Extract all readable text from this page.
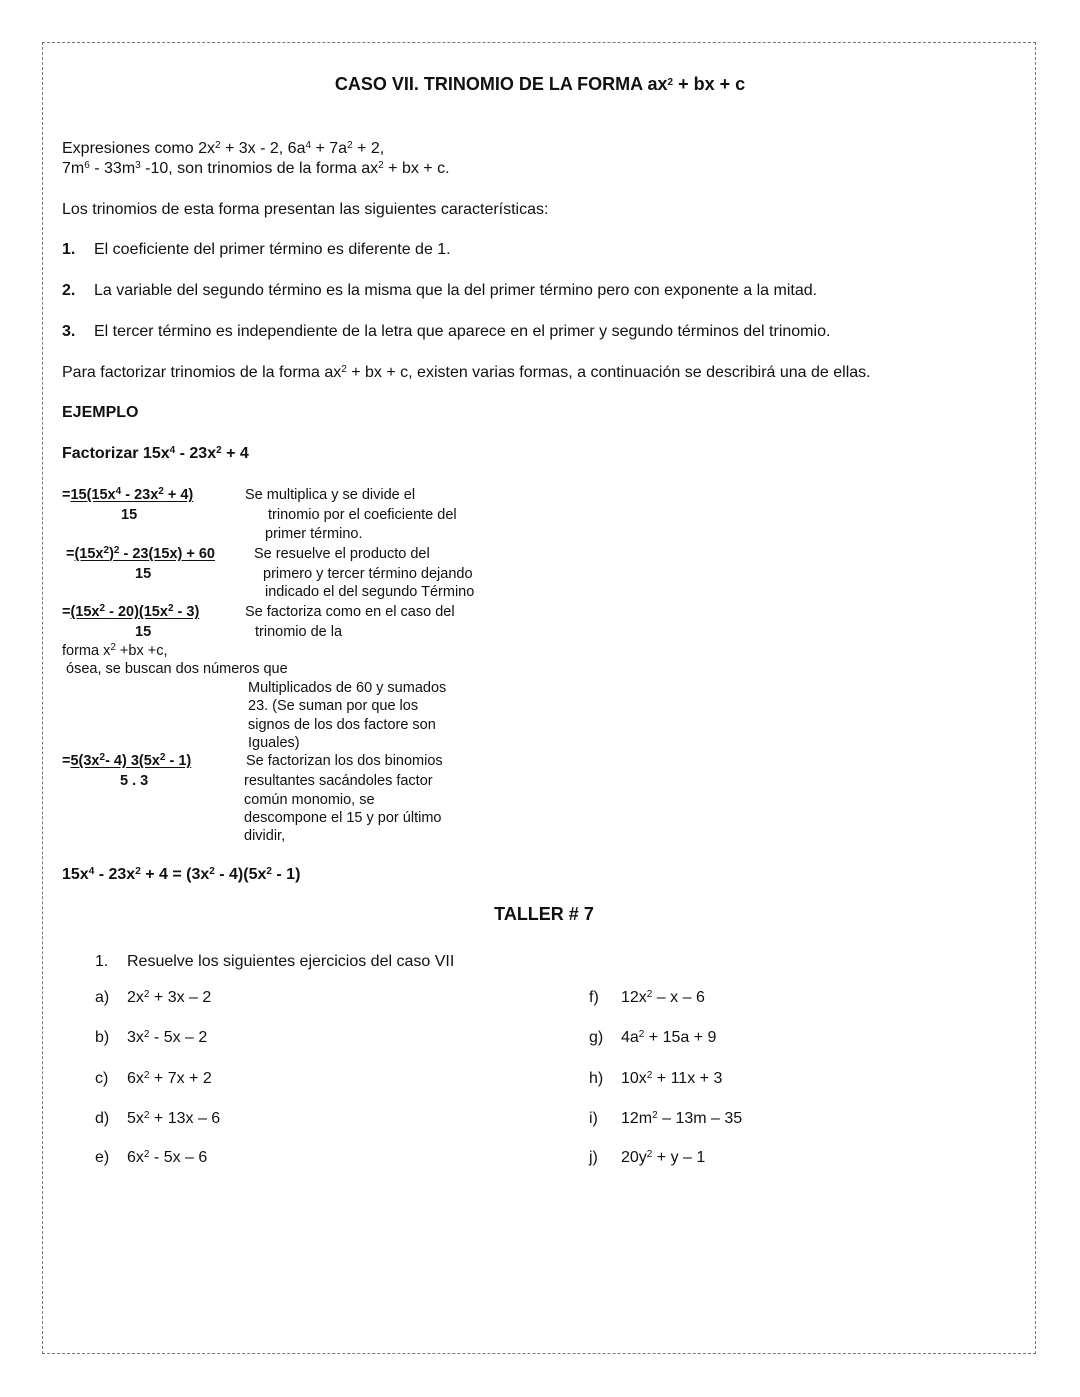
CASO VII. TRINOMIO DE LA FORMA $ax^2$ + bx + c
Expresiones como $2x^2 + 3x - 2$, $6a^4 + 7a^2 + 2$,
$7m^6 - 33m^3$ -10, son trinomios de la forma $ax^2$ + bx + c.
Los trinomios de esta forma presentan las siguientes características:
1. El coeficiente del primer término es diferente de 1.
2. La variable del segundo término es la misma que la del primer término pero con exponente a la mitad.
3. El tercer término es independiente de la letra que aparece en el primer y segundo términos del trinomio.
Para factorizar trinomios de la forma $ax^2$ + bx + c, existen varias formas, a continuación se describirá una de ellas.
EJEMPLO
Factorizar $15x^4 - 23x^2 + 4$
$=15(15x^4 - 23x^2 + 4)$
15
Se multiplica y se divide el
trinomio por el coeficiente del
primer término.
$=(15x^2)^2 - 23(15x) + 60$
15
Se resuelve el producto del
primero y tercer término dejando
indicado el del segundo Término
$=(15x^2 - 20)(15x^2 - 3)$
15
Se factoriza como en el caso del
trinomio de la
forma $x^2 +bx +c$,
ósea, se buscan dos números que
Multiplicados de 60 y sumados
23. (Se suman por que los
signos de los dos factore son
Iguales)
$=5(3x^2-$ 4) $3(5x^2 - 1)$
5 . 3
Se factorizan los dos binomios
resultantes sacándoles factor
común monomio, se
descompone el 15 y por último
dividir,
$15x^4 - 23x^2 + 4 = (3x^2 - 4)(5x^2 - 1)$
TALLER # 7
1. Resuelve los siguientes ejercicios del caso VII
a) $2x^2 + 3x - 2$
b) $3x^2 - 5x - 2$
c) $6x^2 + 7x + 2$
d) $5x^2 + 13x - 6$
e) $6x^2 - 5x - 6$
f) $12x^2$ – x – 6
g) $4a^2 + 15a + 9$
h) $10x^2 + 11x + 3$
i) $12m^2 - 13m - 35$
j) $20y^2 + y - 1$
